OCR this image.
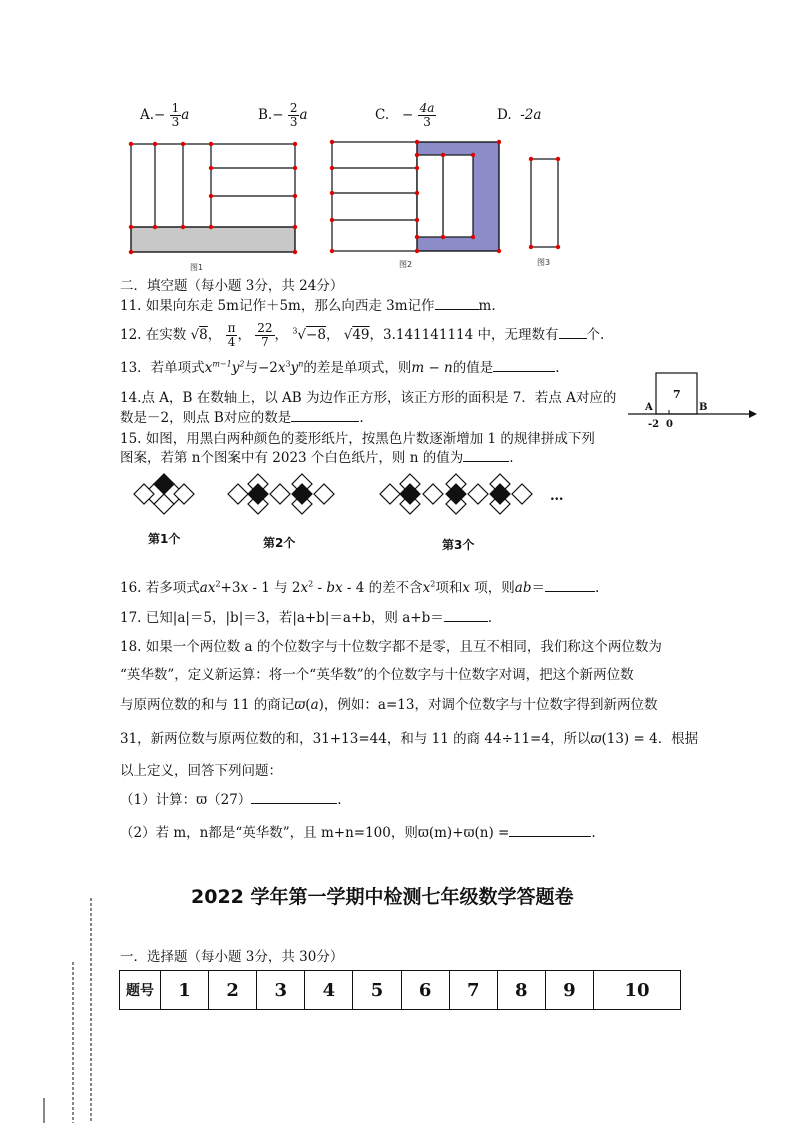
$A.- \frac{1}{3}$ a	$B.- \frac{2}{3}$ a	C. − $\frac{4a}{3}$	D. -2a
图1	图2	图3
二．填空题（每小题 3分，共 24分）
11. 如果向东走 5m记作＋5m，那么向西走 3m记作	m.
12. 在实数 √8， $\frac{\pi}{4}$ ， $\frac{22}{7}$ ， $^3$√−8， √49，3.141141114 中，无理数有 个.
13．若单项式$x^{m-1}y^2$与$-2x^3y^n$的差是单项式，则m − n的值是	.
14.点 A，B 在数轴上，以 AB 为边作正方形，该正方形的面积是 7．若点 A对应的
数是－2，则点 B对应的数是	.
A	B
-2 0
7
15. 如图，用黑白两种颜色的菱形纸片，按黑色片数逐渐增加 1 的规律拼成下列
图案，若第 n个图案中有 2023 个白色纸片，则 n 的值为	.
第1个	第2个	第3个
…
16. 若多项式$ax^2+3x - 1$ 与 $2x^2$ - bx - 4 的差不含$x^2$项和x 项，则ab＝	.
17. 已知|a|＝5，|b|＝3，若|a+b|＝a+b，则 a+b＝	.
18. 如果一个两位数 a 的个位数字与十位数字都不是零，且互不相同，我们称这个两位数为
“英华数”，定义新运算：将一个“英华数”的个位数字与十位数字对调，把这个新两位数
与原两位数的和与 11 的商记ϖ(a)，例如：a=13，对调个位数字与十位数字得到新两位数
31，新两位数与原两位数的和，31+13=44，和与 11 的商 44÷11=4，所以ϖ(13) = 4．根据
以上定义，回答下列问题：
（1）计算：ϖ（27）	.
（2）若 m，n都是“英华数”，且 m+n=100，则ϖ(m)+ϖ(n) =	.
2022 学年第一学期中检测七年级数学答题卷
一．选择题（每小题 3分，共 30分）
题号	1	2	3	4	5	6	7	8	9	10
